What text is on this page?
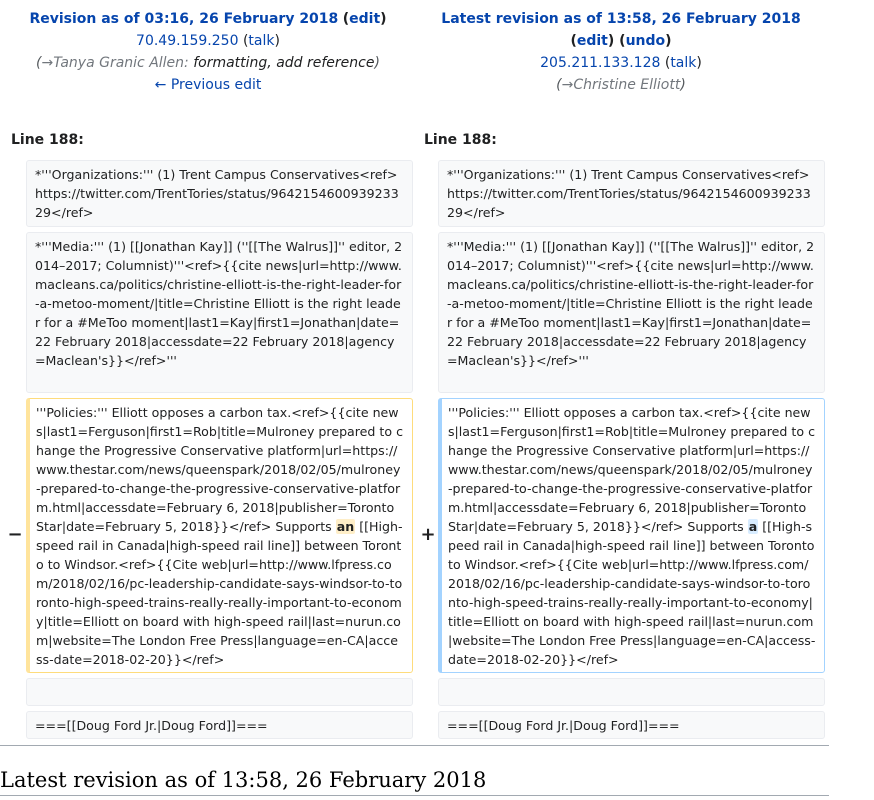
Revision as of 03:16, 26 February 2018 (edit)
70.49.159.250 (talk)
(→Tanya Granic Allen: formatting, add reference)
← Previous edit
Latest revision as of 13:58, 26 February 2018
(edit) (undo)
205.211.133.128 (talk)
(→Christine Elliott)
Line 188:	Line 188:
*'''Organizations:''' (1) Trent Campus Conservatives<ref>https://twitter.com/TrentTories/status/964215460093923329</ref>
*'''Organizations:''' (1) Trent Campus Conservatives<ref>https://twitter.com/TrentTories/status/964215460093923329</ref>
*'''Media:''' (1) [[Jonathan Kay]] (''[[The Walrus]]'' editor, 2014–2017; Columnist)'''<ref>{{cite news|url=http://www.macleans.ca/politics/christine-elliott-is-the-right-leader-for-a-metoo-moment/|title=Christine Elliott is the right leader for a #MeToo moment|last1=Kay|first1=Jonathan|date=22 February 2018|accessdate=22 February 2018|agency=Maclean's}}</ref>'''
*'''Media:''' (1) [[Jonathan Kay]] (''[[The Walrus]]'' editor, 2014–2017; Columnist)'''<ref>{{cite news|url=http://www.macleans.ca/politics/christine-elliott-is-the-right-leader-for-a-metoo-moment/|title=Christine Elliott is the right leader for a #MeToo moment|last1=Kay|first1=Jonathan|date=22 February 2018|accessdate=22 February 2018|agency=Maclean's}}</ref>'''
−
'''Policies:''' Elliott opposes a carbon tax.<ref>{{cite news|last1=Ferguson|first1=Rob|title=Mulroney prepared to change the Progressive Conservative platform|url=https://www.thestar.com/news/queenspark/2018/02/05/mulroney-prepared-to-change-the-progressive-conservative-platform.html|accessdate=February 6, 2018|publisher=Toronto Star|date=February 5, 2018}}</ref> Supports an [[High-speed rail in Canada|high-speed rail line]] between Toronto to Windsor.<ref>{{Cite web|url=http://www.lfpress.com/2018/02/16/pc-leadership-candidate-says-windsor-to-toronto-high-speed-trains-really-really-important-to-economy|title=Elliott on board with high-speed rail|last=nurun.com|website=The London Free Press|language=en-CA|access-date=2018-02-20}}</ref>
+
'''Policies:''' Elliott opposes a carbon tax.<ref>{{cite news|last1=Ferguson|first1=Rob|title=Mulroney prepared to change the Progressive Conservative platform|url=https://www.thestar.com/news/queenspark/2018/02/05/mulroney-prepared-to-change-the-progressive-conservative-platform.html|accessdate=February 6, 2018|publisher=Toronto Star|date=February 5, 2018}}</ref> Supports a [[High-speed rail in Canada|high-speed rail line]] between Toronto to Windsor.<ref>{{Cite web|url=http://www.lfpress.com/2018/02/16/pc-leadership-candidate-says-windsor-to-toronto-high-speed-trains-really-really-important-to-economy|title=Elliott on board with high-speed rail|last=nurun.com|website=The London Free Press|language=en-CA|access-date=2018-02-20}}</ref>
===[[Doug Ford Jr.|Doug Ford]]===	===[[Doug Ford Jr.|Doug Ford]]===
Latest revision as of 13:58, 26 February 2018
